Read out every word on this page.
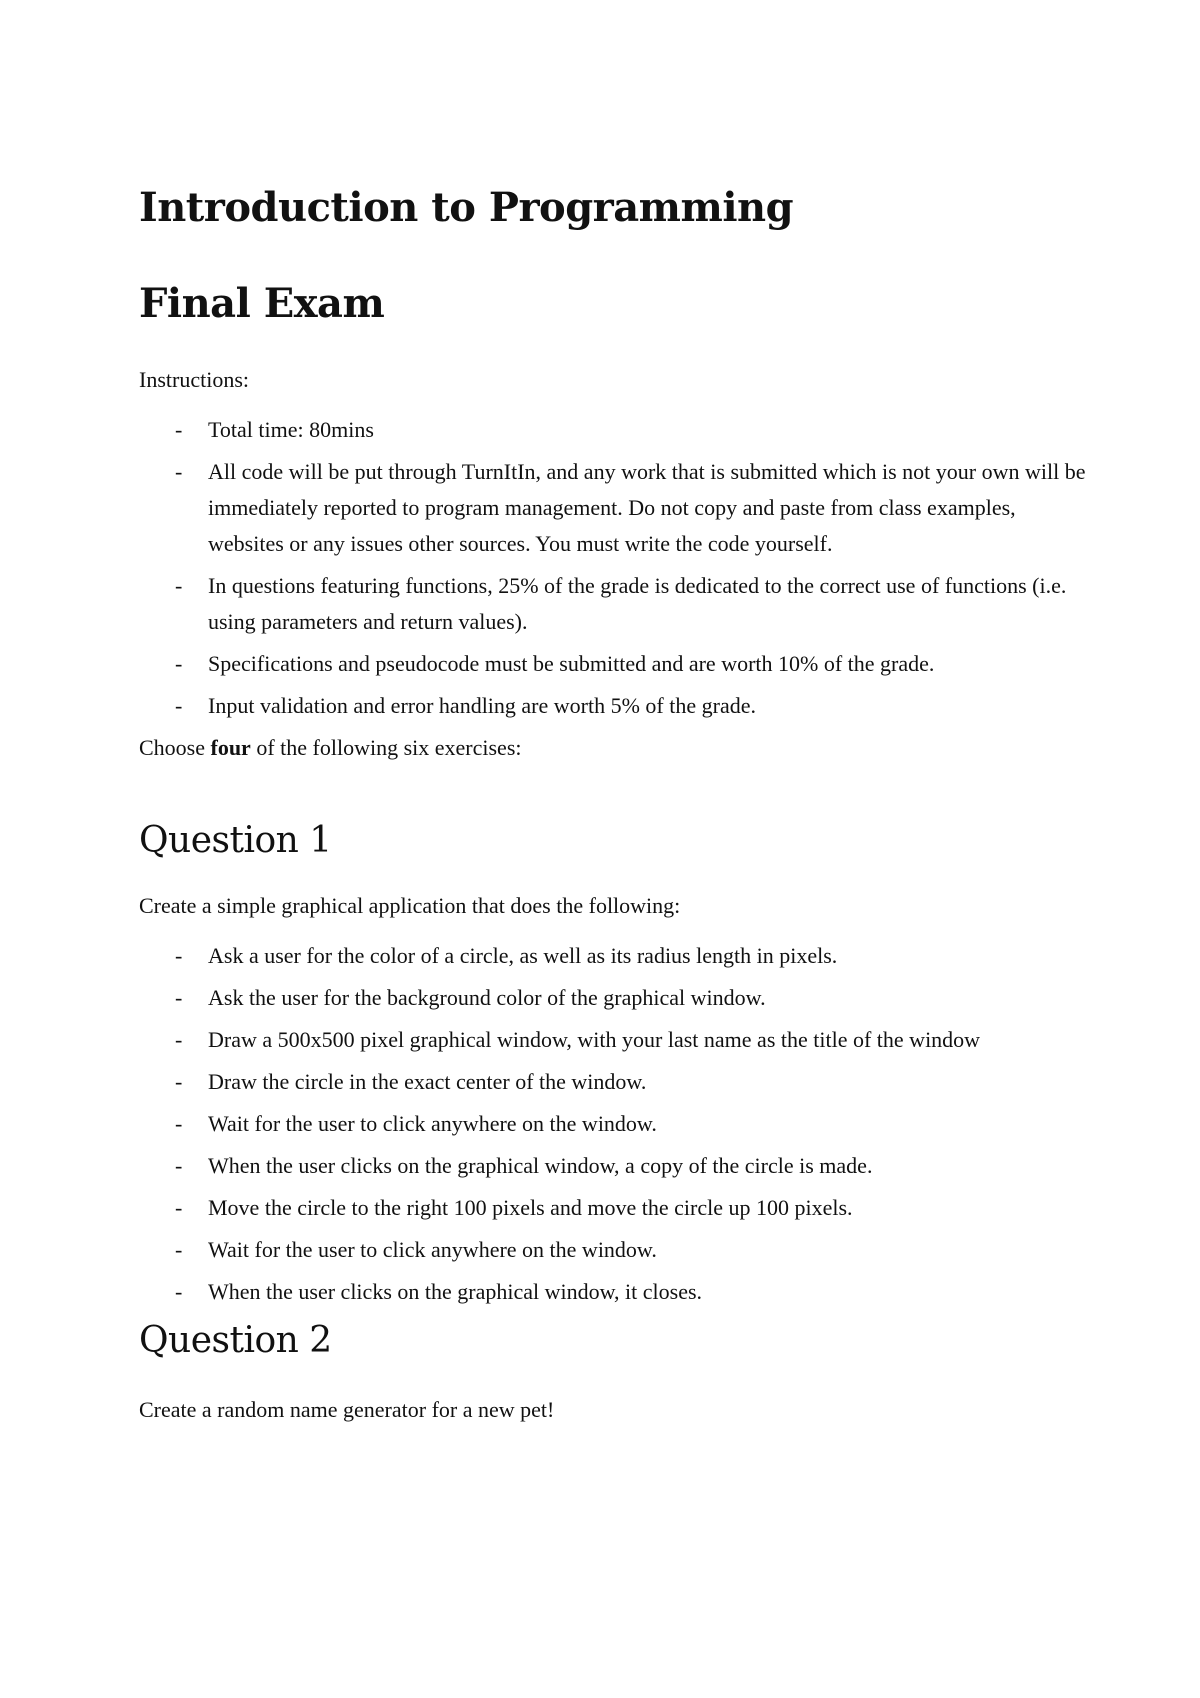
Introduction to Programming
Final Exam

Instructions:

- Total time: 80mins
- All code will be put through TurnItIn, and any work that is submitted which is not your own will be immediately reported to program management. Do not copy and paste from class examples, websites or any issues other sources. You must write the code yourself.
- In questions featuring functions, 25% of the grade is dedicated to the correct use of functions (i.e. using parameters and return values).
- Specifications and pseudocode must be submitted and are worth 10% of the grade.
- Input validation and error handling are worth 5% of the grade.

Choose four of the following six exercises:

Question 1

Create a simple graphical application that does the following:

- Ask a user for the color of a circle, as well as its radius length in pixels.
- Ask the user for the background color of the graphical window.
- Draw a 500x500 pixel graphical window, with your last name as the title of the window
- Draw the circle in the exact center of the window.
- Wait for the user to click anywhere on the window.
- When the user clicks on the graphical window, a copy of the circle is made.
- Move the circle to the right 100 pixels and move the circle up 100 pixels.
- Wait for the user to click anywhere on the window.
- When the user clicks on the graphical window, it closes.
Question 2

Create a random name generator for a new pet!
